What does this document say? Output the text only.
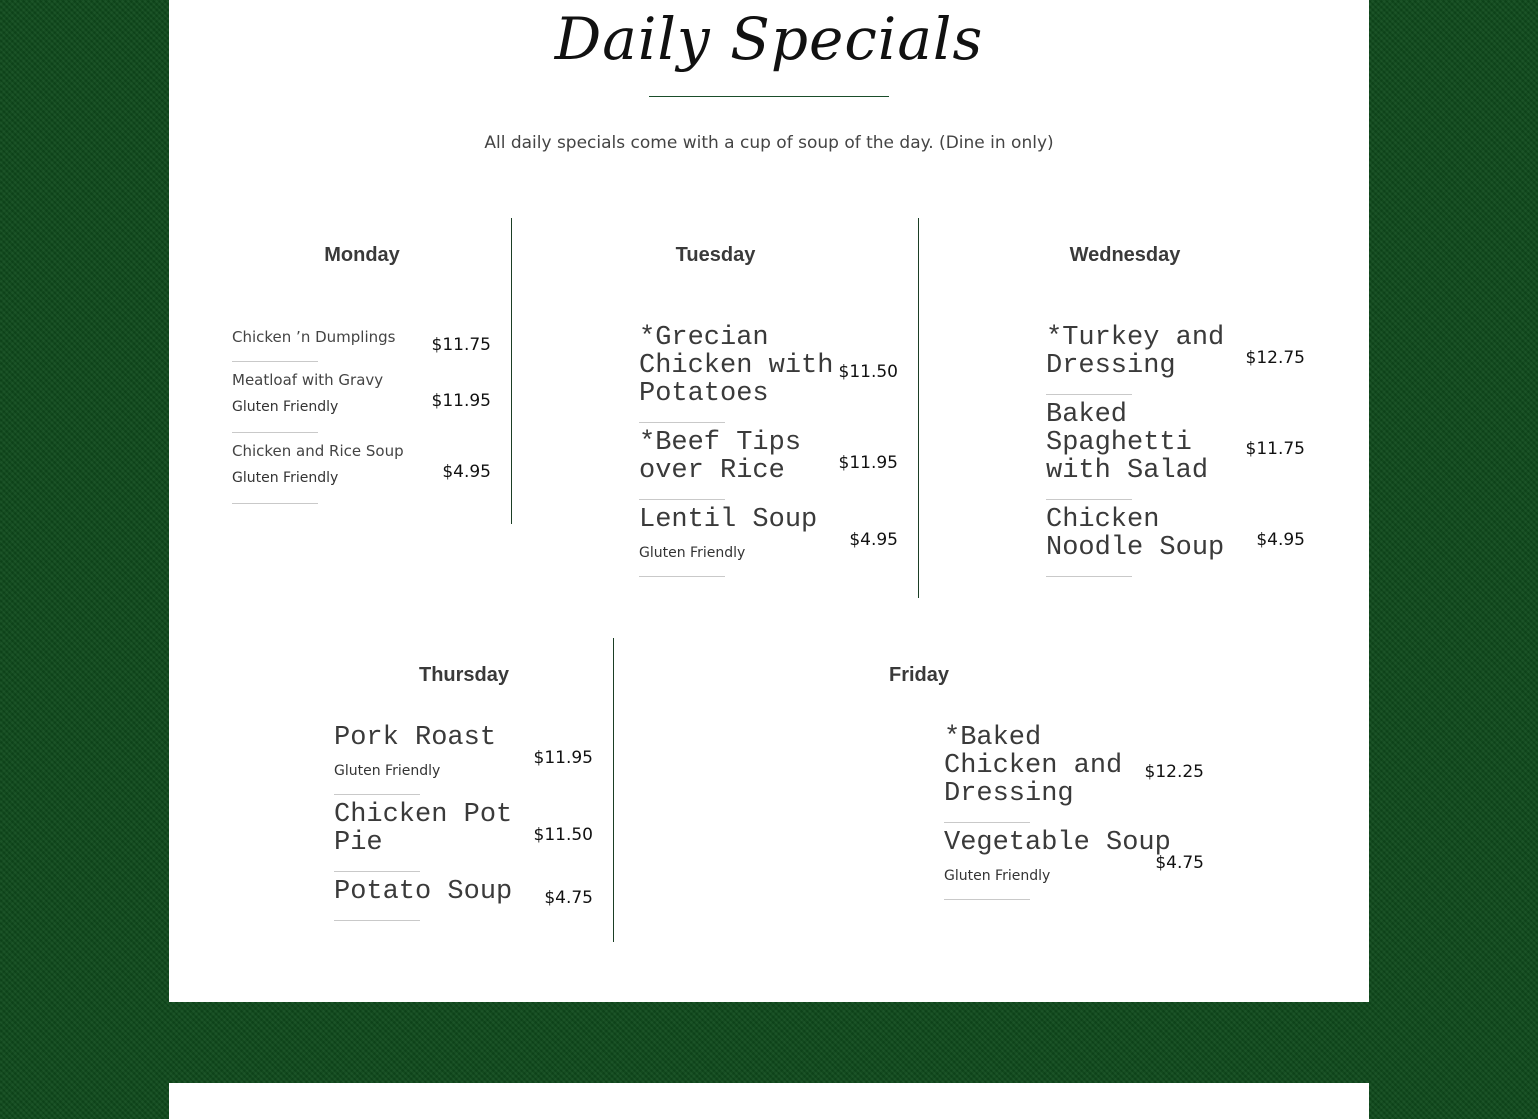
Daily Specials
All daily specials come with a cup of soup of the day. (Dine in only)
Monday
Chicken ’n Dumplings	$11.75
Meatloaf with Gravy
Gluten Friendly	$11.95
Chicken and Rice Soup
Gluten Friendly	$4.95
Tuesday
*Grecian Chicken with Potatoes
$11.50
*Beef Tips over Rice	$11.95
Lentil Soup
Gluten Friendly
$4.95
Wednesday
*Turkey and Dressing	$12.75
Baked Spaghetti with Salad
$11.75
Chicken Noodle Soup	$4.95
Thursday
Pork Roast
Gluten Friendly
$11.95
Chicken Pot Pie	$11.50
Potato Soup	$4.75
Friday
*Baked Chicken and Dressing
$12.25
Vegetable Soup
Gluten Friendly
$4.75
